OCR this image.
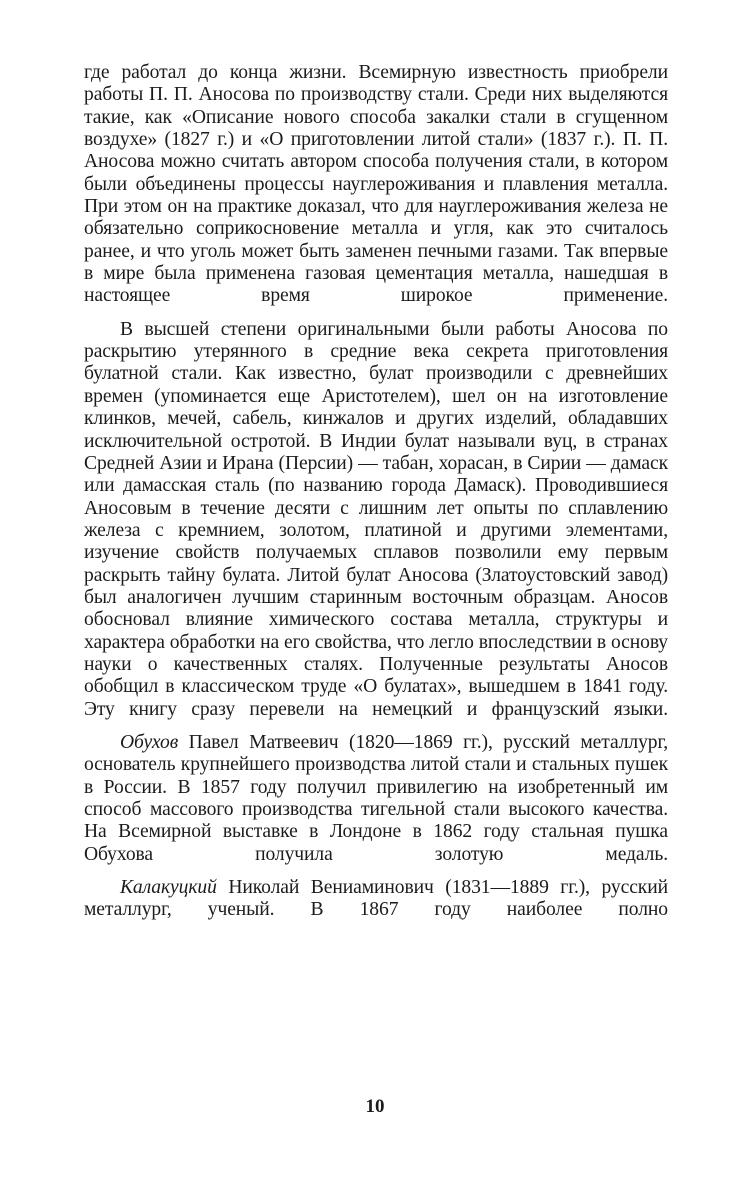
где работал до конца жизни. Всемирную известность приобрели работы П. П. Аносова по производству стали. Среди них выделяются такие, как «Описание нового способа закалки стали в сгущенном воздухе» (1827 г.) и «О приготовлении литой стали» (1837 г.). П. П. Аносова можно считать автором способа получения стали, в котором были объединены процессы науглероживания и плавления металла. При этом он на практике доказал, что для науглероживания железа не обязательно соприкосновение металла и угля, как это считалось ранее, и что уголь может быть заменен печными газами. Так впервые в мире была применена газовая цементация металла, нашедшая в настоящее время широкое применение.

В высшей степени оригинальными были работы Аносова по раскрытию утерянного в средние века секрета приготовления булатной стали. Как известно, булат производили с древнейших времен (упоминается еще Аристотелем), шел он на изготовление клинков, мечей, сабель, кинжалов и других изделий, обладавших исключительной остротой. В Индии булат называли вуц, в странах Средней Азии и Ирана (Персии) — табан, хорасан, в Сирии — дамаск или дамасская сталь (по названию города Дамаск). Проводившиеся Аносовым в течение десяти с лишним лет опыты по сплавлению железа с кремнием, золотом, платиной и другими элементами, изучение свойств получаемых сплавов позволили ему первым раскрыть тайну булата. Литой булат Аносова (Златоустовский завод) был аналогичен лучшим старинным восточным образцам. Аносов обосновал влияние химического состава металла, структуры и характера обработки на его свойства, что легло впоследствии в основу науки о качественных сталях. Полученные результаты Аносов обобщил в классическом труде «О булатах», вышедшем в 1841 году. Эту книгу сразу перевели на немецкий и французский языки.

Обухов Павел Матвеевич (1820—1869 гг.), русский металлург, основатель крупнейшего производства литой стали и стальных пушек в России. В 1857 году получил привилегию на изобретенный им способ массового производства тигельной стали высокого качества. На Всемирной выставке в Лондоне в 1862 году стальная пушка Обухова получила золотую медаль.

Калакуцкий Николай Вениаминович (1831—1889 гг.), русский металлург, ученый. В 1867 году наиболее полно

10
